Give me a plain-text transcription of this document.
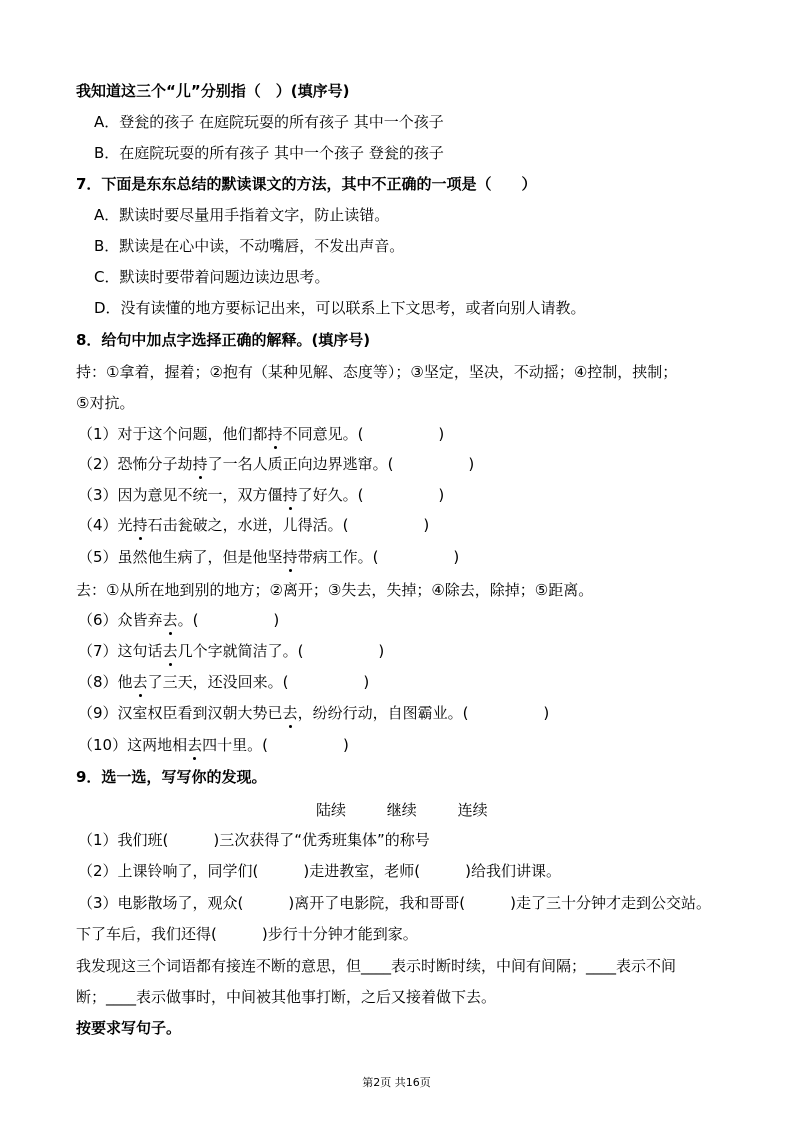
我知道这三个“儿”分别指（　）(填序号)
A．登瓮的孩子 在庭院玩耍的所有孩子 其中一个孩子
B．在庭院玩耍的所有孩子 其中一个孩子 登瓮的孩子
7．下面是东东总结的默读课文的方法，其中不正确的一项是（　　）
A．默读时要尽量用手指着文字，防止读错。
B．默读是在心中读，不动嘴唇，不发出声音。
C．默读时要带着问题边读边思考。
D．没有读懂的地方要标记出来，可以联系上下文思考，或者向别人请教。
8．给句中加点字选择正确的解释。(填序号)
持：①拿着，握着；②抱有（某种见解、态度等）；③坚定，坚决，不动摇；④控制，挟制；
⑤对抗。
（1）对于这个问题，他们都持不同意见。(　　　　　)
（2）恐怖分子劫持了一名人质正向边界逃窜。(　　　　　)
（3）因为意见不统一，双方僵持了好久。(　　　　　)
（4）光持石击瓮破之，水迸，儿得活。(　　　　　)
（5）虽然他生病了，但是他坚持带病工作。(　　　　　)
去：①从所在地到别的地方；②离开；③失去，失掉；④除去，除掉；⑤距离。
（6）众皆弃去。(　　　　　)
（7）这句话去几个字就简洁了。(　　　　　)
（8）他去了三天，还没回来。(　　　　　)
（9）汉室权臣看到汉朝大势已去，纷纷行动，自图霸业。(　　　　　)
（10）这两地相去四十里。(　　　　　)
9．选一选，写写你的发现。
陆续	继续	连续
（1）我们班(　　　)三次获得了“优秀班集体”的称号
（2）上课铃响了，同学们(　　　)走进教室，老师(　　　)给我们讲课。
（3）电影散场了，观众(　　　)离开了电影院，我和哥哥(　　　)走了三十分钟才走到公交站。
下了车后，我们还得(　　　)步行十分钟才能到家。
我发现这三个词语都有接连不断的意思，但____表示时断时续，中间有间隔；____表示不间
断；____表示做事时，中间被其他事打断，之后又接着做下去。
按要求写句子。
第2页 共16页
